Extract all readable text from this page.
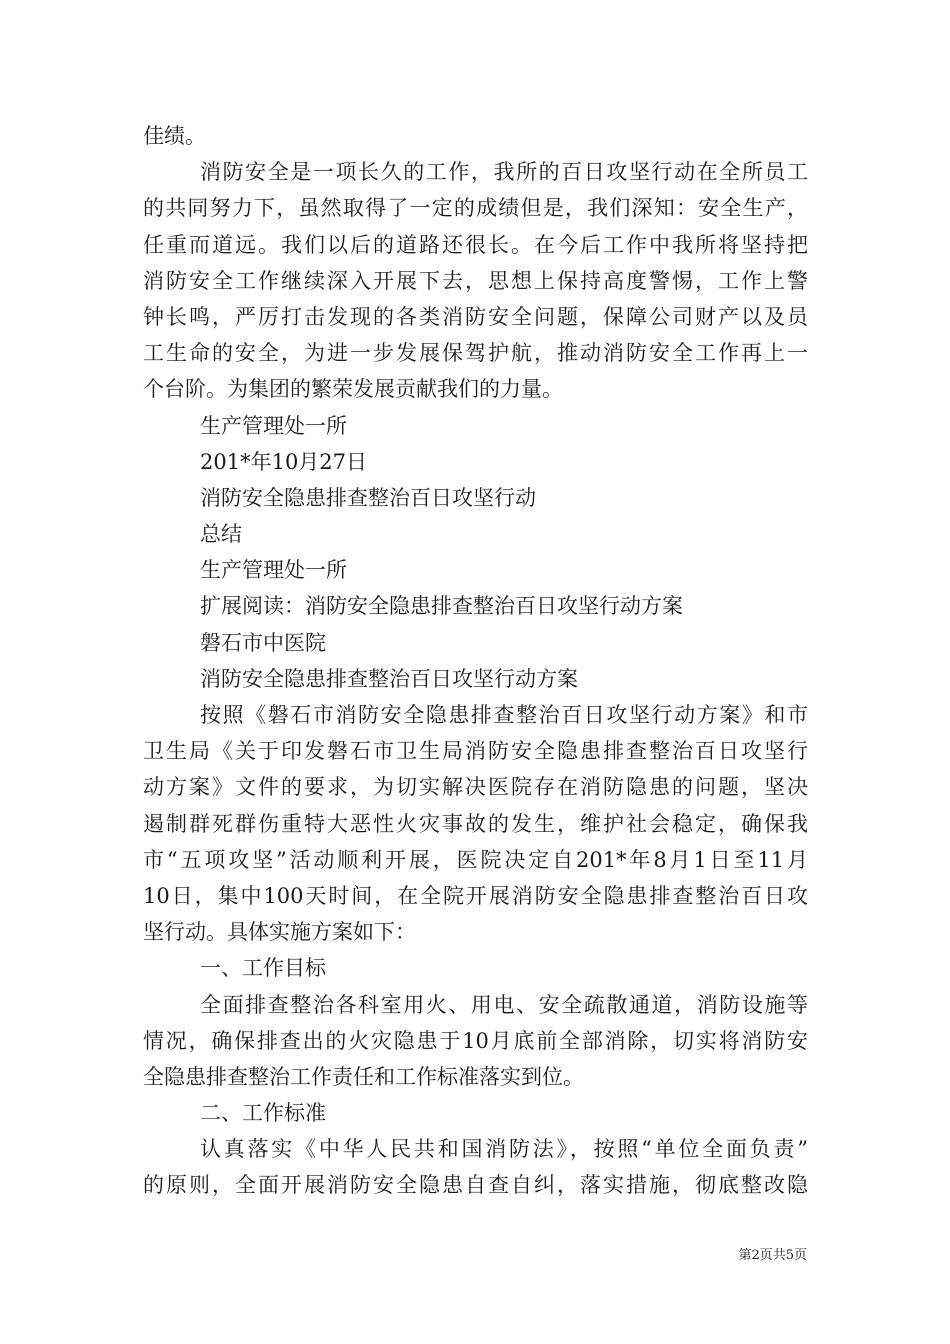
佳绩。
消防安全是一项长久的工作，我所的百日攻坚行动在全所员工
的共同努力下，虽然取得了一定的成绩但是，我们深知：安全生产，
任重而道远。我们以后的道路还很长。在今后工作中我所将坚持把
消防安全工作继续深入开展下去，思想上保持高度警惕，工作上警
钟长鸣，严厉打击发现的各类消防安全问题，保障公司财产以及员
工生命的安全，为进一步发展保驾护航，推动消防安全工作再上一
个台阶。为集团的繁荣发展贡献我们的力量。
生产管理处一所
201*年10月27日
消防安全隐患排查整治百日攻坚行动
总结
生产管理处一所
扩展阅读：消防安全隐患排查整治百日攻坚行动方案
磐石市中医院
消防安全隐患排查整治百日攻坚行动方案
按照《磐石市消防安全隐患排查整治百日攻坚行动方案》和市
卫生局《关于印发磐石市卫生局消防安全隐患排查整治百日攻坚行
动方案》文件的要求，为切实解决医院存在消防隐患的问题，坚决
遏制群死群伤重特大恶性火灾事故的发生，维护社会稳定，确保我
市“五项攻坚”活动顺利开展，医院决定自201*年8月1日至11月
10日，集中100天时间，在全院开展消防安全隐患排查整治百日攻
坚行动。具体实施方案如下：
一、工作目标
全面排查整治各科室用火、用电、安全疏散通道，消防设施等
情况，确保排查出的火灾隐患于10月底前全部消除，切实将消防安
全隐患排查整治工作责任和工作标准落实到位。
二、工作标准
认真落实《中华人民共和国消防法》，按照“单位全面负责”
的原则，全面开展消防安全隐患自查自纠，落实措施，彻底整改隐
第2页共5页
